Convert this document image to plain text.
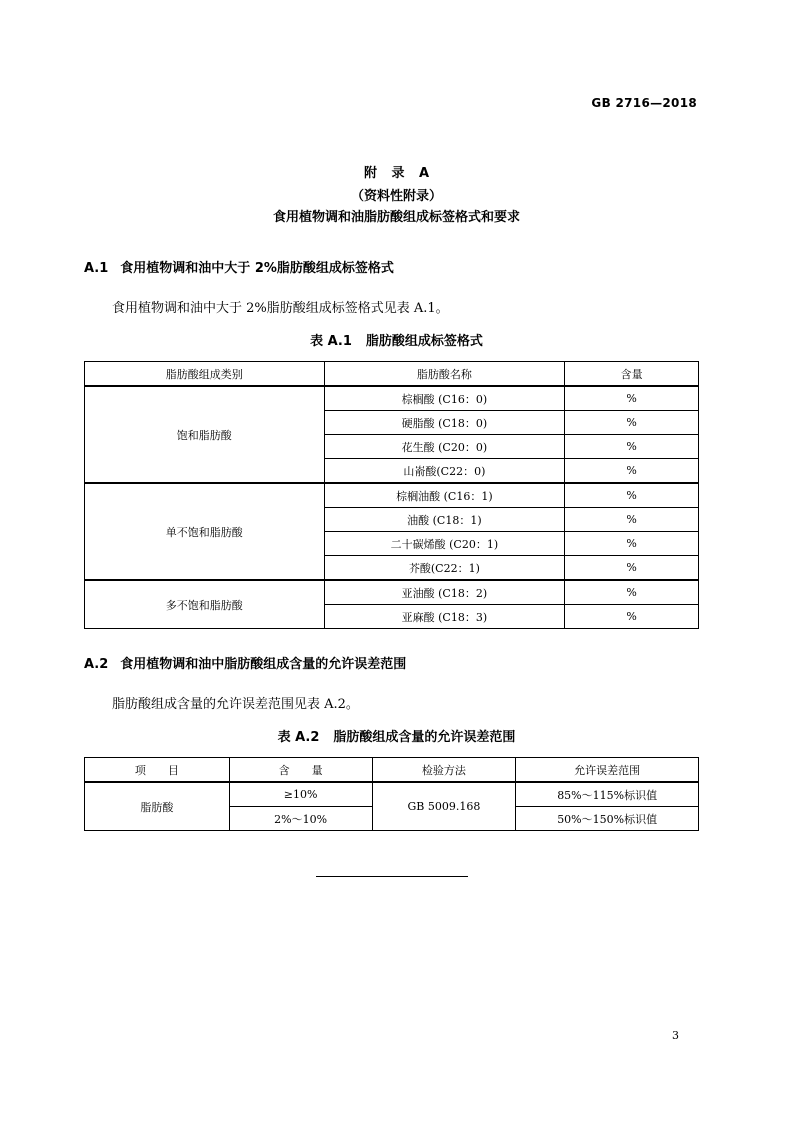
GB 2716—2018
附 录 A
（资料性附录）
食用植物调和油脂肪酸组成标签格式和要求
A.1 食用植物调和油中大于 2%脂肪酸组成标签格式
食用植物调和油中大于 2%脂肪酸组成标签格式见表 A.1。
表 A.1 脂肪酸组成标签格式
脂肪酸组成类别	脂肪酸名称	含量
饱和脂肪酸	棕榈酸 (C16：0)	%
	硬脂酸 (C18：0)	%
	花生酸 (C20：0)	%
	山嵛酸(C22：0)	%
单不饱和脂肪酸	棕榈油酸 (C16：1)	%
	油酸 (C18：1)	%
	二十碳烯酸 (C20：1)	%
	芥酸(C22：1)	%
多不饱和脂肪酸	亚油酸 (C18：2)	%
	亚麻酸 (C18：3)	%
A.2 食用植物调和油中脂肪酸组成含量的允许误差范围
脂肪酸组成含量的允许误差范围见表 A.2。
表 A.2 脂肪酸组成含量的允许误差范围
项　　目	含　　量	检验方法	允许误差范围
脂肪酸	≥10%	GB 5009.168	85%～115%标识值
	2%～10%		50%～150%标识值
3
